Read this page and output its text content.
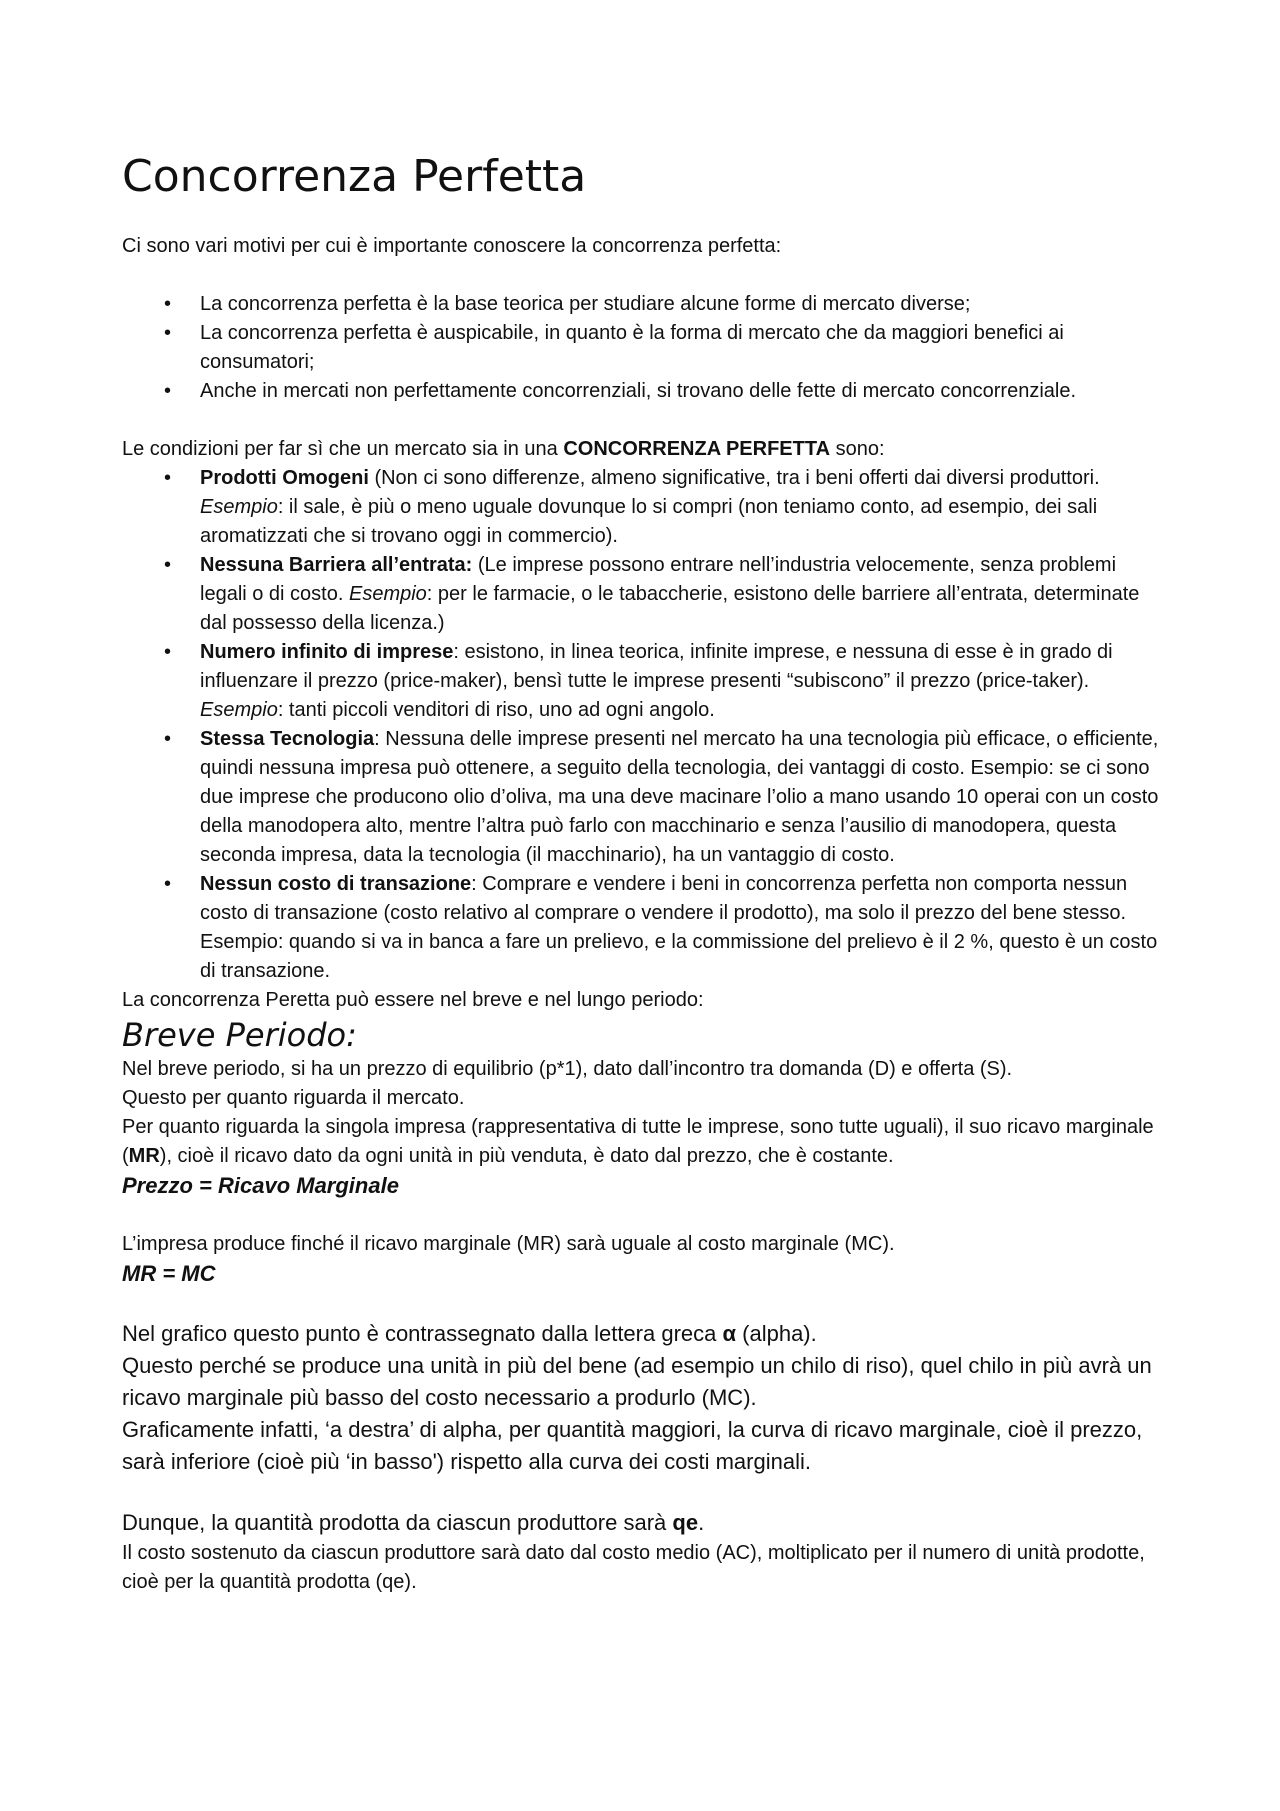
Concorrenza Perfetta

Ci sono vari motivi per cui è importante conoscere la concorrenza perfetta:

• La concorrenza perfetta è la base teorica per studiare alcune forme di mercato diverse;
• La concorrenza perfetta è auspicabile, in quanto è la forma di mercato che da maggiori benefici ai consumatori;
• Anche in mercati non perfettamente concorrenziali, si trovano delle fette di mercato concorrenziale.

Le condizioni per far sì che un mercato sia in una CONCORRENZA PERFETTA sono:

• Prodotti Omogeni (Non ci sono differenze, almeno significative, tra i beni offerti dai diversi produttori. Esempio: il sale, è più o meno uguale dovunque lo si compri (non teniamo conto, ad esempio, dei sali aromatizzati che si trovano oggi in commercio).
• Nessuna Barriera all’entrata: (Le imprese possono entrare nell’industria velocemente, senza problemi legali o di costo. Esempio: per le farmacie, o le tabaccherie, esistono delle barriere all’entrata, determinate dal possesso della licenza.)
• Numero infinito di imprese: esistono, in linea teorica, infinite imprese, e nessuna di esse è in grado di influenzare il prezzo (price-maker), bensì tutte le imprese presenti “subiscono” il prezzo (price-taker). Esempio: tanti piccoli venditori di riso, uno ad ogni angolo.
• Stessa Tecnologia: Nessuna delle imprese presenti nel mercato ha una tecnologia più efficace, o efficiente, quindi nessuna impresa può ottenere, a seguito della tecnologia, dei vantaggi di costo. Esempio: se ci sono due imprese che producono olio d’oliva, ma una deve macinare l’olio a mano usando 10 operai con un costo della manodopera alto, mentre l’altra può farlo con macchinario e senza l’ausilio di manodopera, questa seconda impresa, data la tecnologia (il macchinario), ha un vantaggio di costo.
• Nessun costo di transazione: Comprare e vendere i beni in concorrenza perfetta non comporta nessun costo di transazione (costo relativo al comprare o vendere il prodotto), ma solo il prezzo del bene stesso. Esempio: quando si va in banca a fare un prelievo, e la commissione del prelievo è il 2 %, questo è un costo di transazione.

La concorrenza Peretta può essere nel breve e nel lungo periodo:

Breve Periodo:

Nel breve periodo, si ha un prezzo di equilibrio (p*1), dato dall’incontro tra domanda (D) e offerta (S).

Questo per quanto riguarda il mercato.

Per quanto riguarda la singola impresa (rappresentativa di tutte le imprese, sono tutte uguali), il suo ricavo marginale (MR), cioè il ricavo dato da ogni unità in più venduta, è dato dal prezzo, che è costante.

Prezzo = Ricavo Marginale

L’impresa produce finché il ricavo marginale (MR) sarà uguale al costo marginale (MC).

MR = MC

Nel grafico questo punto è contrassegnato dalla lettera greca α (alpha).

Questo perché se produce una unità in più del bene (ad esempio un chilo di riso), quel chilo in più avrà un ricavo marginale più basso del costo necessario a produrlo (MC).

Graficamente infatti, ‘a destra’ di alpha, per quantità maggiori, la curva di ricavo marginale, cioè il prezzo, sarà inferiore (cioè più ‘in basso') rispetto alla curva dei costi marginali.

Dunque, la quantità prodotta da ciascun produttore sarà qe.

Il costo sostenuto da ciascun produttore sarà dato dal costo medio (AC), moltiplicato per il numero di unità prodotte, cioè per la quantità prodotta (qe).
